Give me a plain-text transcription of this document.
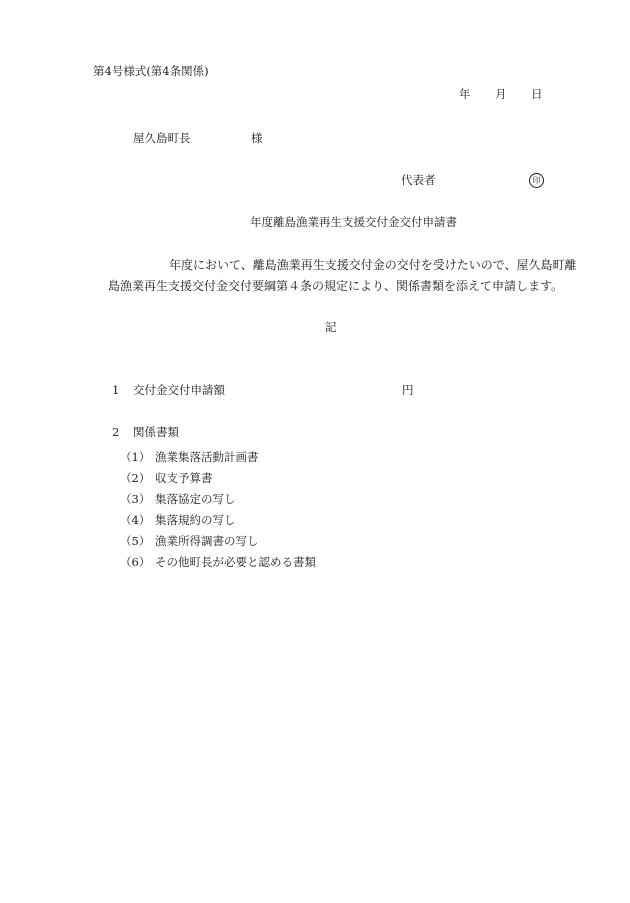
第4号様式(第4条関係)
年 月 日
屋久島町長	様
代表者	印
年度離島漁業再生支援交付金交付申請書
年度において、離島漁業再生支援交付金の交付を受けたいので、屋久島町離
島漁業再生支援交付金交付要綱第４条の規定により、関係書類を添えて申請します。
記
1 交付金交付申請額	円
2 関係書類
（1） 漁業集落活動計画書
（2） 収支予算書
（3） 集落協定の写し
（4） 集落規約の写し
（5） 漁業所得調書の写し
（6） その他町長が必要と認める書類
